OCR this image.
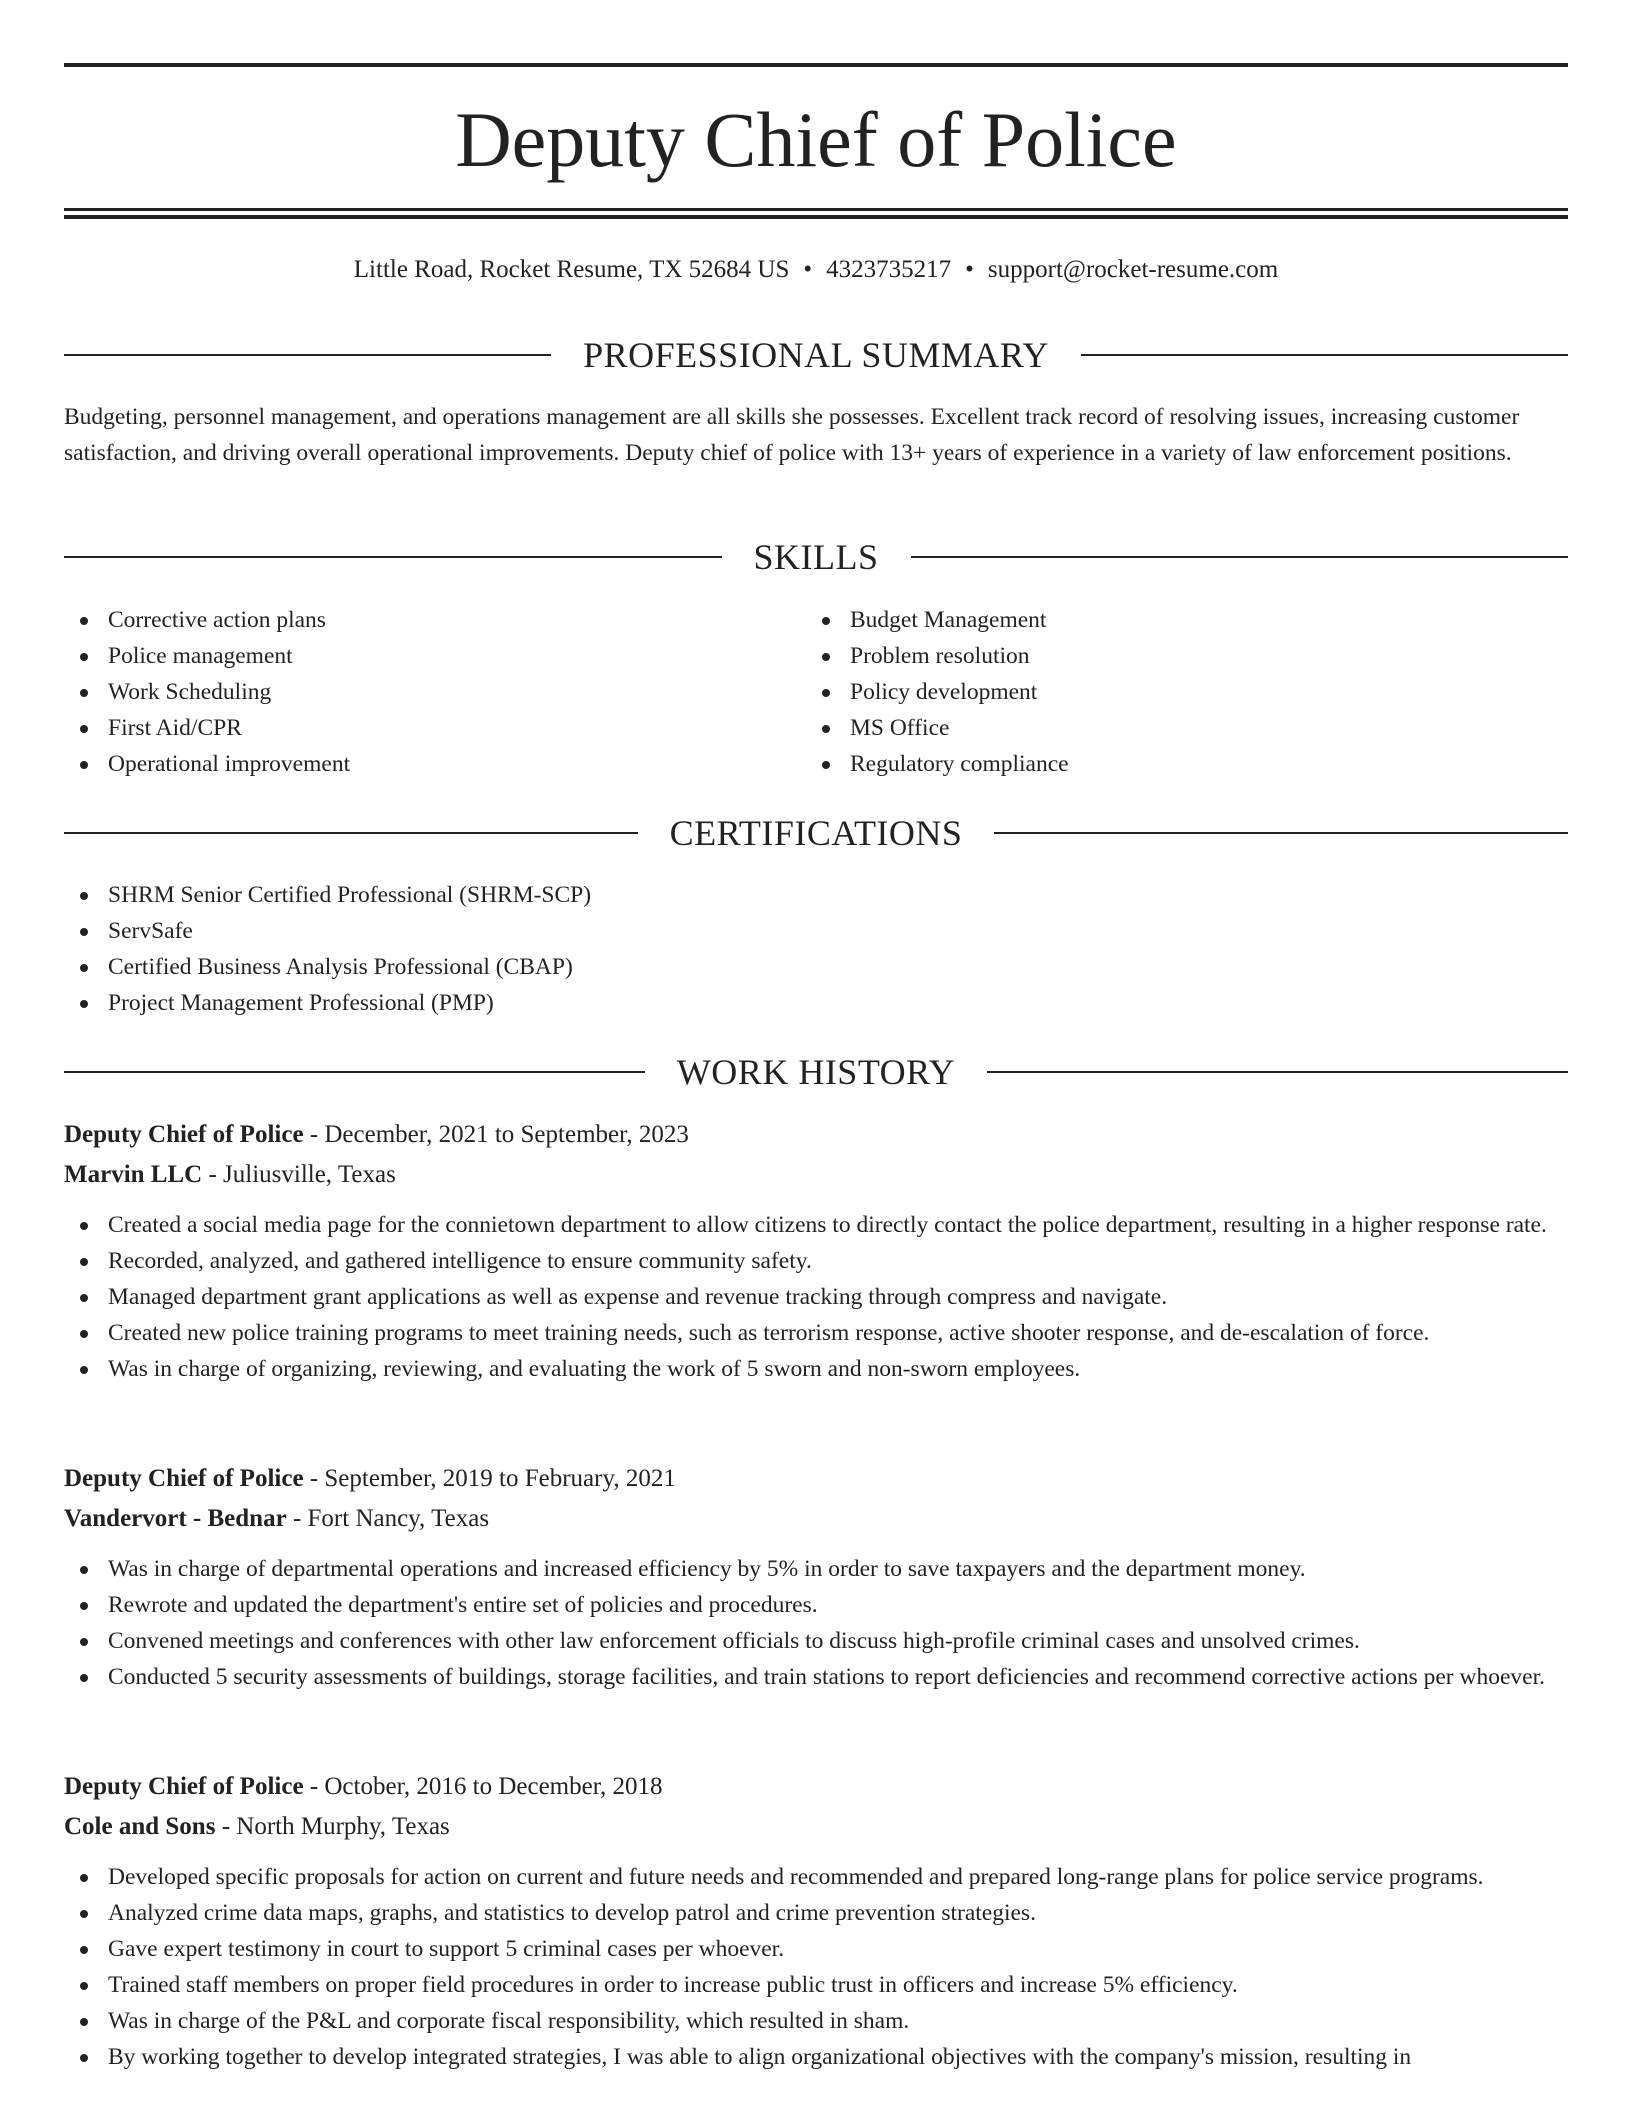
Deputy Chief of Police
Little Road, Rocket Resume, TX 52684 US • 4323735217 • support@rocket-resume.com
PROFESSIONAL SUMMARY

Budgeting, personnel management, and operations management are all skills she possesses. Excellent track record of resolving issues, increasing customer satisfaction, and driving overall operational improvements. Deputy chief of police with 13+ years of experience in a variety of law enforcement positions.

SKILLS
Corrective action plans
Police management
Work Scheduling
First Aid/CPR
Operational improvement
Budget Management
Problem resolution
Policy development
MS Office
Regulatory compliance
CERTIFICATIONS
SHRM Senior Certified Professional (SHRM-SCP)
ServSafe
Certified Business Analysis Professional (CBAP)
Project Management Professional (PMP)
WORK HISTORY
Deputy Chief of Police - December, 2021 to September, 2023
Marvin LLC - Juliusville, Texas
Created a social media page for the connietown department to allow citizens to directly contact the police department, resulting in a higher response rate.
Recorded, analyzed, and gathered intelligence to ensure community safety.
Managed department grant applications as well as expense and revenue tracking through compress and navigate.
Created new police training programs to meet training needs, such as terrorism response, active shooter response, and de-escalation of force.
Was in charge of organizing, reviewing, and evaluating the work of 5 sworn and non-sworn employees.
Deputy Chief of Police - September, 2019 to February, 2021
Vandervort - Bednar - Fort Nancy, Texas
Was in charge of departmental operations and increased efficiency by 5% in order to save taxpayers and the department money.
Rewrote and updated the department's entire set of policies and procedures.
Convened meetings and conferences with other law enforcement officials to discuss high-profile criminal cases and unsolved crimes.
Conducted 5 security assessments of buildings, storage facilities, and train stations to report deficiencies and recommend corrective actions per whoever.
Deputy Chief of Police - October, 2016 to December, 2018
Cole and Sons - North Murphy, Texas
Developed specific proposals for action on current and future needs and recommended and prepared long-range plans for police service programs.
Analyzed crime data maps, graphs, and statistics to develop patrol and crime prevention strategies.
Gave expert testimony in court to support 5 criminal cases per whoever.
Trained staff members on proper field procedures in order to increase public trust in officers and increase 5% efficiency.
Was in charge of the P&L and corporate fiscal responsibility, which resulted in sham.
By working together to develop integrated strategies, I was able to align organizational objectives with the company's mission, resulting in
